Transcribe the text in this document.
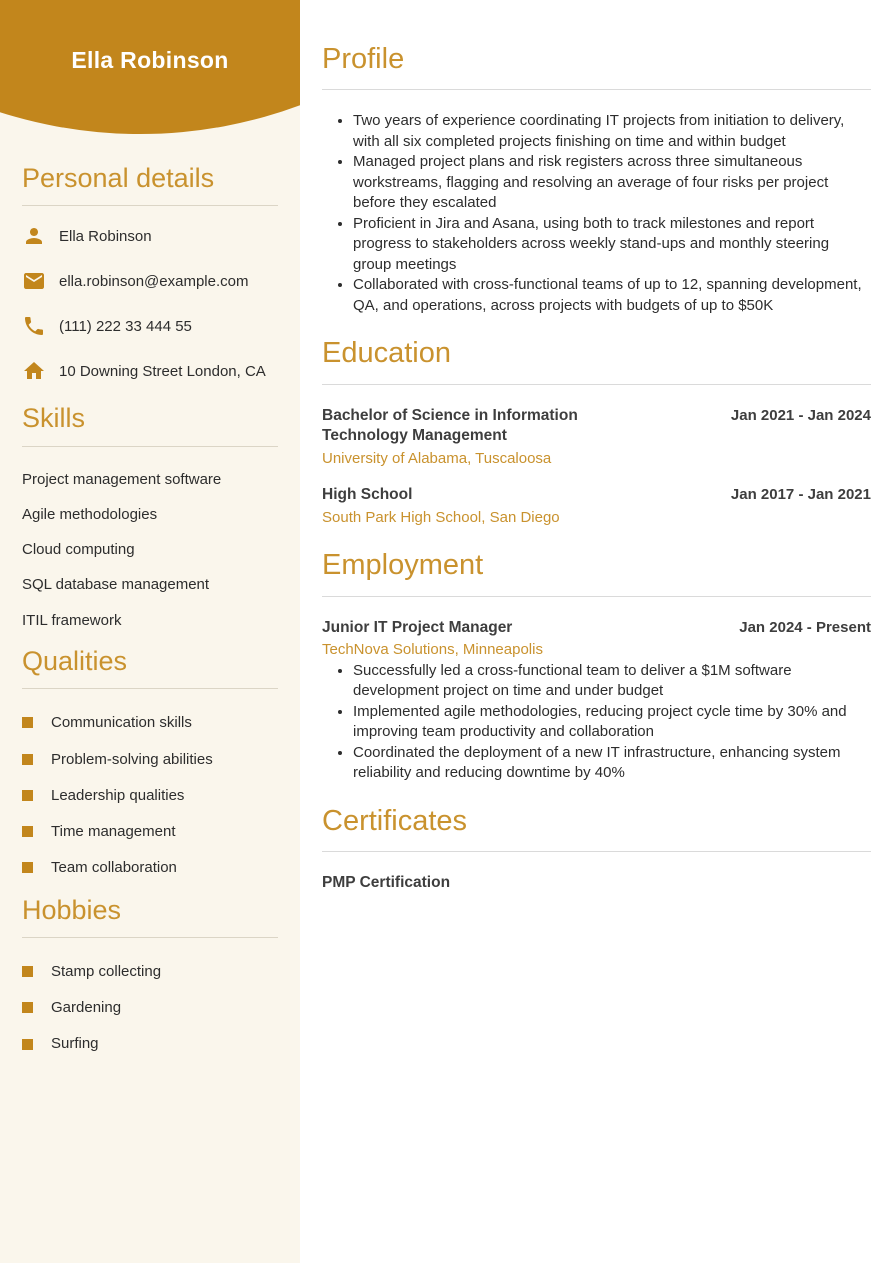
Ella Robinson
Personal details
Ella Robinson
ella.robinson@example.com
(111) 222 33 444 55
10 Downing Street London, CA
Skills
Project management software
Agile methodologies
Cloud computing
SQL database management
ITIL framework
Qualities
Communication skills
Problem-solving abilities
Leadership qualities
Time management
Team collaboration
Hobbies
Stamp collecting
Gardening
Surfing
Profile
• Two years of experience coordinating IT projects from initiation to delivery, with all six completed projects finishing on time and within budget
• Managed project plans and risk registers across three simultaneous workstreams, flagging and resolving an average of four risks per project before they escalated
• Proficient in Jira and Asana, using both to track milestones and report progress to stakeholders across weekly stand-ups and monthly steering group meetings
• Collaborated with cross-functional teams of up to 12, spanning development, QA, and operations, across projects with budgets of up to $50K
Education
Bachelor of Science in Information Technology Management
Jan 2021 - Jan 2024
University of Alabama, Tuscaloosa
High School	Jan 2017 - Jan 2021
South Park High School, San Diego
Employment
Junior IT Project Manager	Jan 2024 - Present
TechNova Solutions, Minneapolis
• Successfully led a cross-functional team to deliver a $1M software development project on time and under budget
• Implemented agile methodologies, reducing project cycle time by 30% and improving team productivity and collaboration
• Coordinated the deployment of a new IT infrastructure, enhancing system reliability and reducing downtime by 40%
Certificates
PMP Certification
